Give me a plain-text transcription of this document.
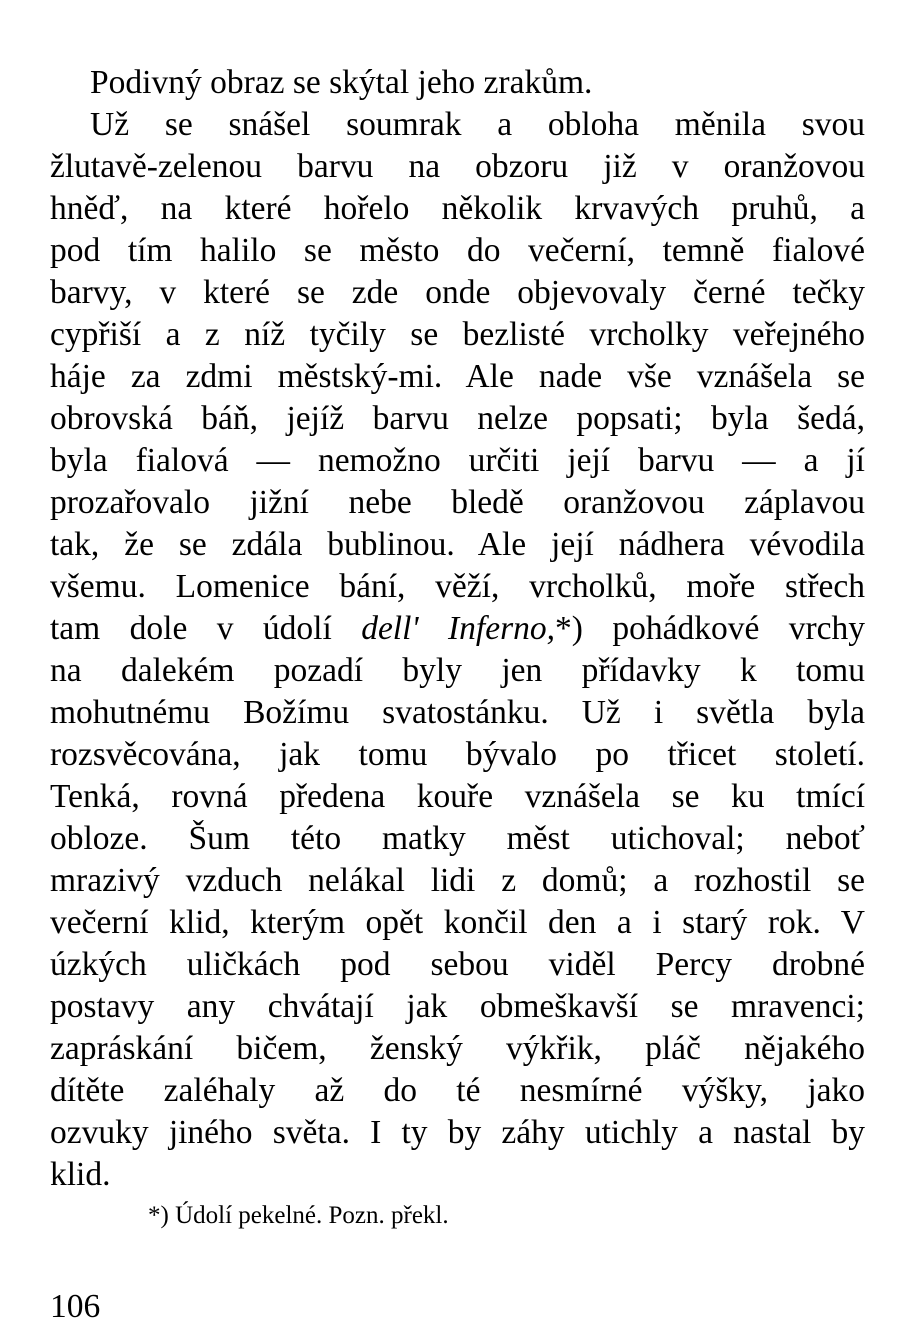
Podivný obraz se skýtal jeho zrakům.

Už se snášel soumrak a obloha měnila svou

žlutavě-zelenou barvu na obzoru již v oranžovou

hněď, na které hořelo několik krvavých pruhů, a

pod tím halilo se město do večerní, temně fialové

barvy, v které se zde onde objevovaly černé tečky

cypřiší a z níž tyčily se bezlisté vrcholky veřejného

háje za zdmi městský-mi. Ale nade vše vznášela se

obrovská báň, jejíž barvu nelze popsati; byla šedá,

byla fialová — nemožno určiti její barvu — a jí

prozařovalo jižní nebe bledě oranžovou záplavou

tak, že se zdála bublinou. Ale její nádhera vévodila

všemu. Lomenice bání, věží, vrcholků, moře střech

tam dole v údolí dell' Inferno,*) pohádkové vrchy

na dalekém pozadí byly jen přídavky k tomu

mohutnému Božímu svatostánku. Už i světla byla

rozsvěcována, jak tomu bývalo po třicet století.

Tenká, rovná předena kouře vznášela se ku tmící

obloze. Šum této matky měst utichoval; neboť

mrazivý vzduch nelákal lidi z domů; a rozhostil se

večerní klid, kterým opět končil den a i starý rok. V

úzkých uličkách pod sebou viděl Percy drobné

postavy any chvátají jak obmeškavší se mravenci;

zapráskání bičem, ženský výkřik, pláč nějakého

dítěte zaléhaly až do té nesmírné výšky, jako

ozvuky jiného světa. I ty by záhy utichly a nastal by

klid.

*) Údolí pekelné. Pozn. překl.

106
